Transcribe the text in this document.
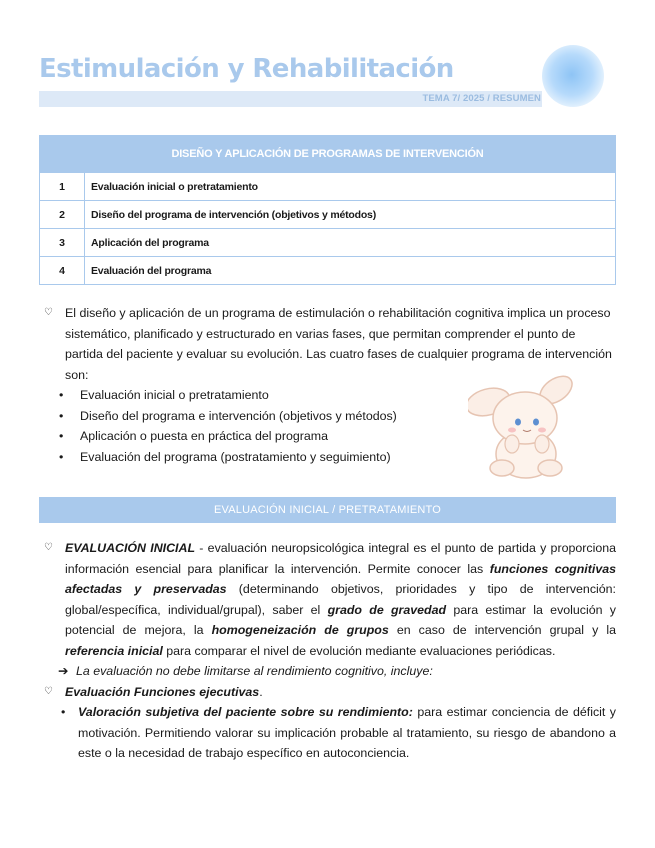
Estimulación y Rehabilitación
TEMA 7/ 2025 / RESUMEN
DISEÑO Y APLICACIÓN DE PROGRAMAS DE INTERVENCIÓN	
1	Evaluación inicial o pretratamiento
2	Diseño del programa de intervención (objetivos y métodos)
3	Aplicación del programa
4	Evaluación del programa

♡ El diseño y aplicación de un programa de estimulación o rehabilitación cognitiva implica un proceso sistemático, planificado y estructurado en varias fases, que permitan comprender el punto de partida del paciente y evaluar su evolución. Las cuatro fases de cualquier programa de intervención son:

• Evaluación inicial o pretratamiento
• Diseño del programa e intervención (objetivos y métodos)
• Aplicación o puesta en práctica del programa
• Evaluación del programa (postratamiento y seguimiento)
EVALUACIÓN INICIAL / PRETRATAMIENTO

♡ EVALUACIÓN INICIAL - evaluación neuropsicológica integral es el punto de partida y proporciona información esencial para planificar la intervención. Permite conocer las funciones cognitivas afectadas y preservadas (determinando objetivos, prioridades y tipo de intervención: global/específica, individual/grupal), saber el grado de gravedad para estimar la evolución y potencial de mejora, la homogeneización de grupos en caso de intervención grupal y la referencia inicial para comparar el nivel de evolución mediante evaluaciones periódicas.

➔ La evaluación no debe limitarse al rendimiento cognitivo, incluye:

♡ Evaluación Funciones ejecutivas.

• Valoración subjetiva del paciente sobre su rendimiento: para estimar conciencia de déficit y motivación. Permitiendo valorar su implicación probable al tratamiento, su riesgo de abandono a este o la necesidad de trabajo específico en autoconciencia.
